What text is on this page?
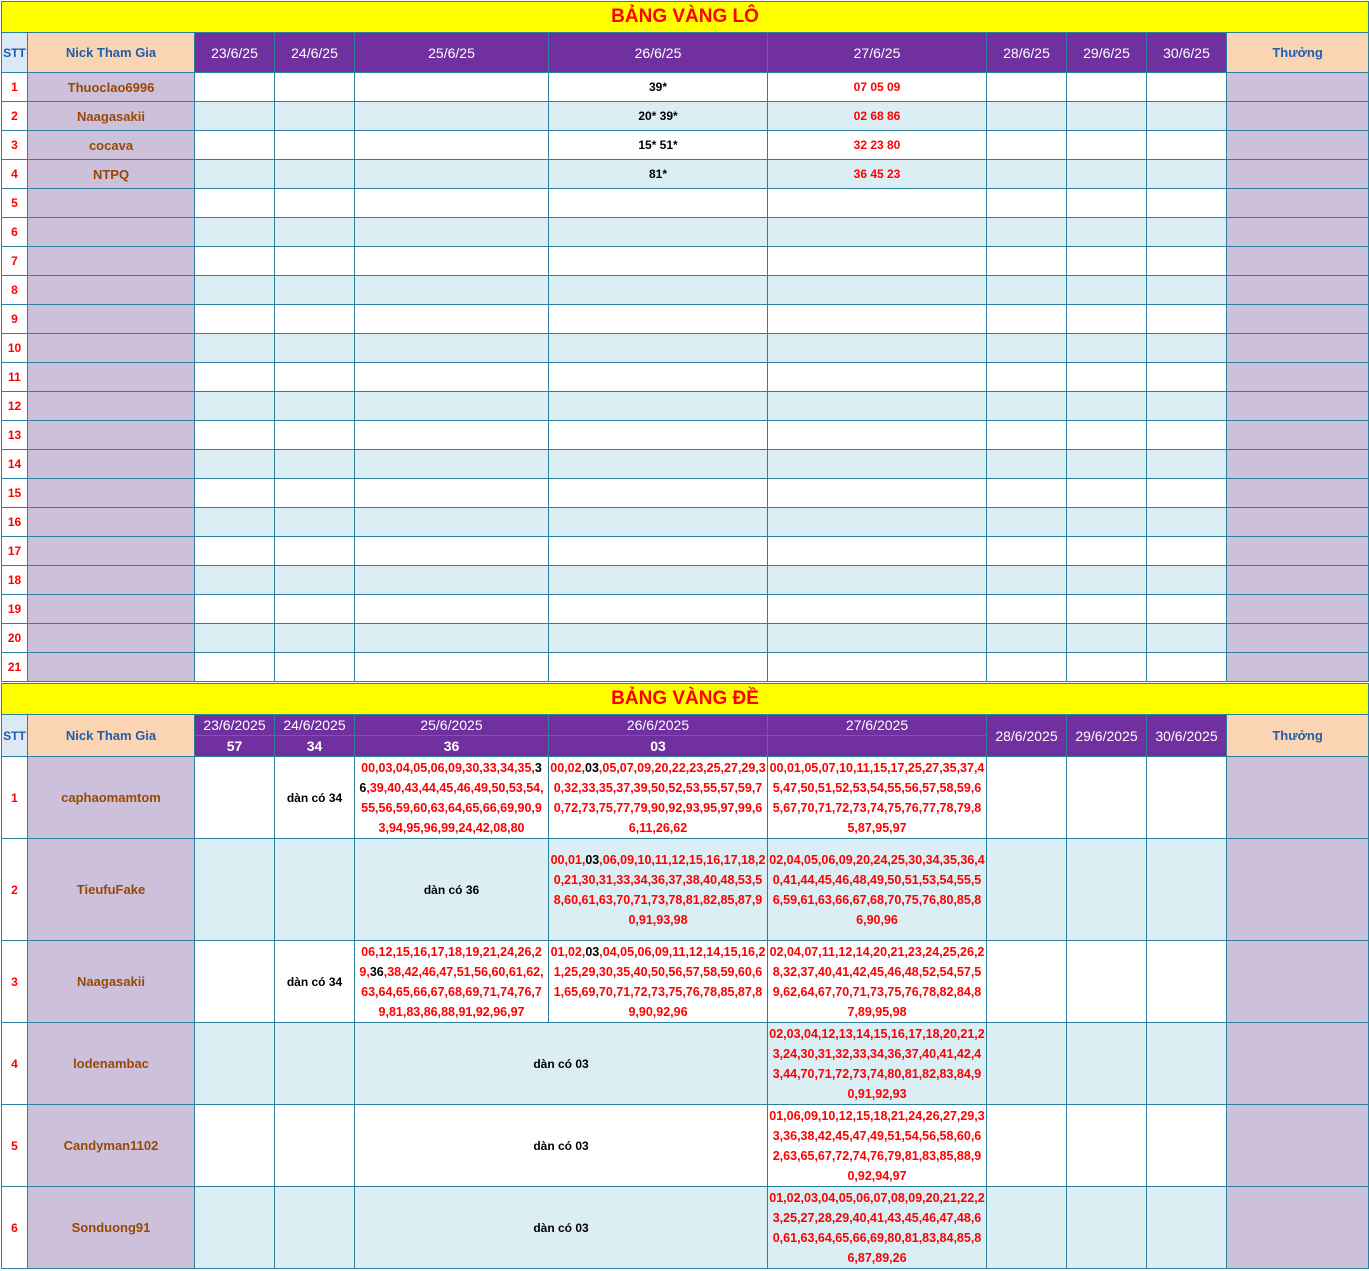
BẢNG VÀNG LÔ										
STT	Nick Tham Gia	23/6/25	24/6/25	25/6/25	26/6/25	27/6/25	28/6/25	29/6/25	30/6/25	Thưởng
1	Thuoclao6996				39*	07 05 09				
2	Naagasakii				20* 39*	02 68 86				
3	cocava				15* 51*	32 23 80				
4	NTPQ				81*	36 45 23				
5										
6										
7										
8										
9										
10										
11										
12										
13										
14										
15										
16										
17										
18										
19										
20										
21										
BẢNG VÀNG ĐỀ										
STT	Nick Tham Gia	23/6/2025	24/6/2025	25/6/2025	26/6/2025	27/6/2025	28/6/2025	29/6/2025	30/6/2025	Thưởng
		57	34	36	03					
1	caphaomamtom		dàn có 34	00,03,04,05,06,09,30,33,34,35,36,39,40,43,44,45,46,49,50,53,54,55,56,59,60,63,64,65,66,69,90,93,94,95,96,99,24,42,08,80	00,02,03,05,07,09,20,22,23,25,27,29,30,32,33,35,37,39,50,52,53,55,57,59,70,72,73,75,77,79,90,92,93,95,97,99,66,11,26,62	00,01,05,07,10,11,15,17,25,27,35,37,45,47,50,51,52,53,54,55,56,57,58,59,65,67,70,71,72,73,74,75,76,77,78,79,85,87,95,97				
2	TieufuFake			dàn có 36	00,01,03,06,09,10,11,12,15,16,17,18,20,21,30,31,33,34,36,37,38,40,48,53,58,60,61,63,70,71,73,78,81,82,85,87,90,91,93,98	02,04,05,06,09,20,24,25,30,34,35,36,40,41,44,45,46,48,49,50,51,53,54,55,56,59,61,63,66,67,68,70,75,76,80,85,86,90,96				
3	Naagasakii		dàn có 34	06,12,15,16,17,18,19,21,24,26,29,36,38,42,46,47,51,56,60,61,62,63,64,65,66,67,68,69,71,74,76,79,81,83,86,88,91,92,96,97	01,02,03,04,05,06,09,11,12,14,15,16,21,25,29,30,35,40,50,56,57,58,59,60,61,65,69,70,71,72,73,75,76,78,85,87,89,90,92,96	02,04,07,11,12,14,20,21,23,24,25,26,28,32,37,40,41,42,45,46,48,52,54,57,59,62,64,67,70,71,73,75,76,78,82,84,87,89,95,98				
4	lodenambac			dàn có 03		02,03,04,12,13,14,15,16,17,18,20,21,23,24,30,31,32,33,34,36,37,40,41,42,43,44,70,71,72,73,74,80,81,82,83,84,90,91,92,93				
5	Candyman1102			dàn có 03		01,06,09,10,12,15,18,21,24,26,27,29,33,36,38,42,45,47,49,51,54,56,58,60,62,63,65,67,72,74,76,79,81,83,85,88,90,92,94,97				
6	Sonduong91			dàn có 03		01,02,03,04,05,06,07,08,09,20,21,22,23,25,27,28,29,40,41,43,45,46,47,48,60,61,63,64,65,66,69,80,81,83,84,85,86,87,89,26				
